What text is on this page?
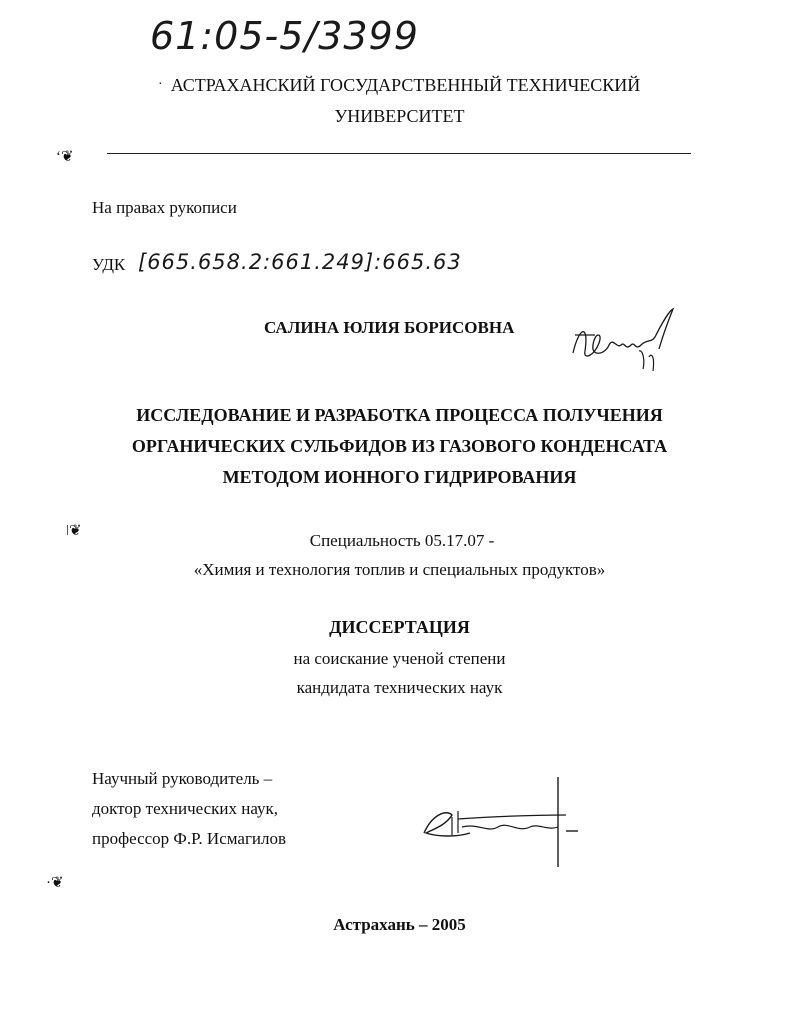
61:05-5/3399
· АСТРАХАНСКИЙ ГОСУДАРСТВЕННЫЙ ТЕХНИЧЕСКИЙ
УНИВЕРСИТЕТ
ʻ❦
На правах рукописи
УДК [665.658.2:661.249]:665.63
САЛИНА ЮЛИЯ БОРИСОВНА
ИССЛЕДОВАНИЕ И РАЗРАБОТКА ПРОЦЕССА ПОЛУЧЕНИЯ
ОРГАНИЧЕСКИХ СУЛЬФИДОВ ИЗ ГАЗОВОГО КОНДЕНСАТА
МЕТОДОМ ИОННОГО ГИДРИРОВАНИЯ
ǀ❦	Специальность 05.17.07 -
«Химия и технология топлив и специальных продуктов»
ДИССЕРТАЦИЯ
на соискание ученой степени
кандидата технических наук
Научный руководитель –
доктор технических наук,
профессор Ф.Р. Исмагилов
·❦
Астрахань – 2005
